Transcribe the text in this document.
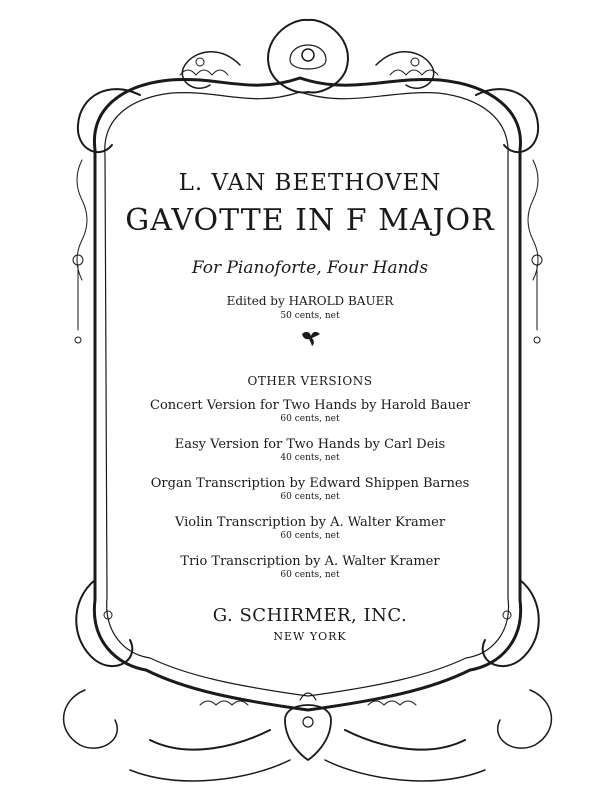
L. VAN BEETHOVEN
GAVOTTE IN F MAJOR
For Pianoforte, Four Hands
Edited by HAROLD BAUER
50 cents, net
OTHER VERSIONS
Concert Version for Two Hands by Harold Bauer
60 cents, net
Easy Version for Two Hands by Carl Deis
40 cents, net
Organ Transcription by Edward Shippen Barnes
60 cents, net
Violin Transcription by A. Walter Kramer
60 cents, net
Trio Transcription by A. Walter Kramer
60 cents, net
G. SCHIRMER, INC.
NEW YORK
